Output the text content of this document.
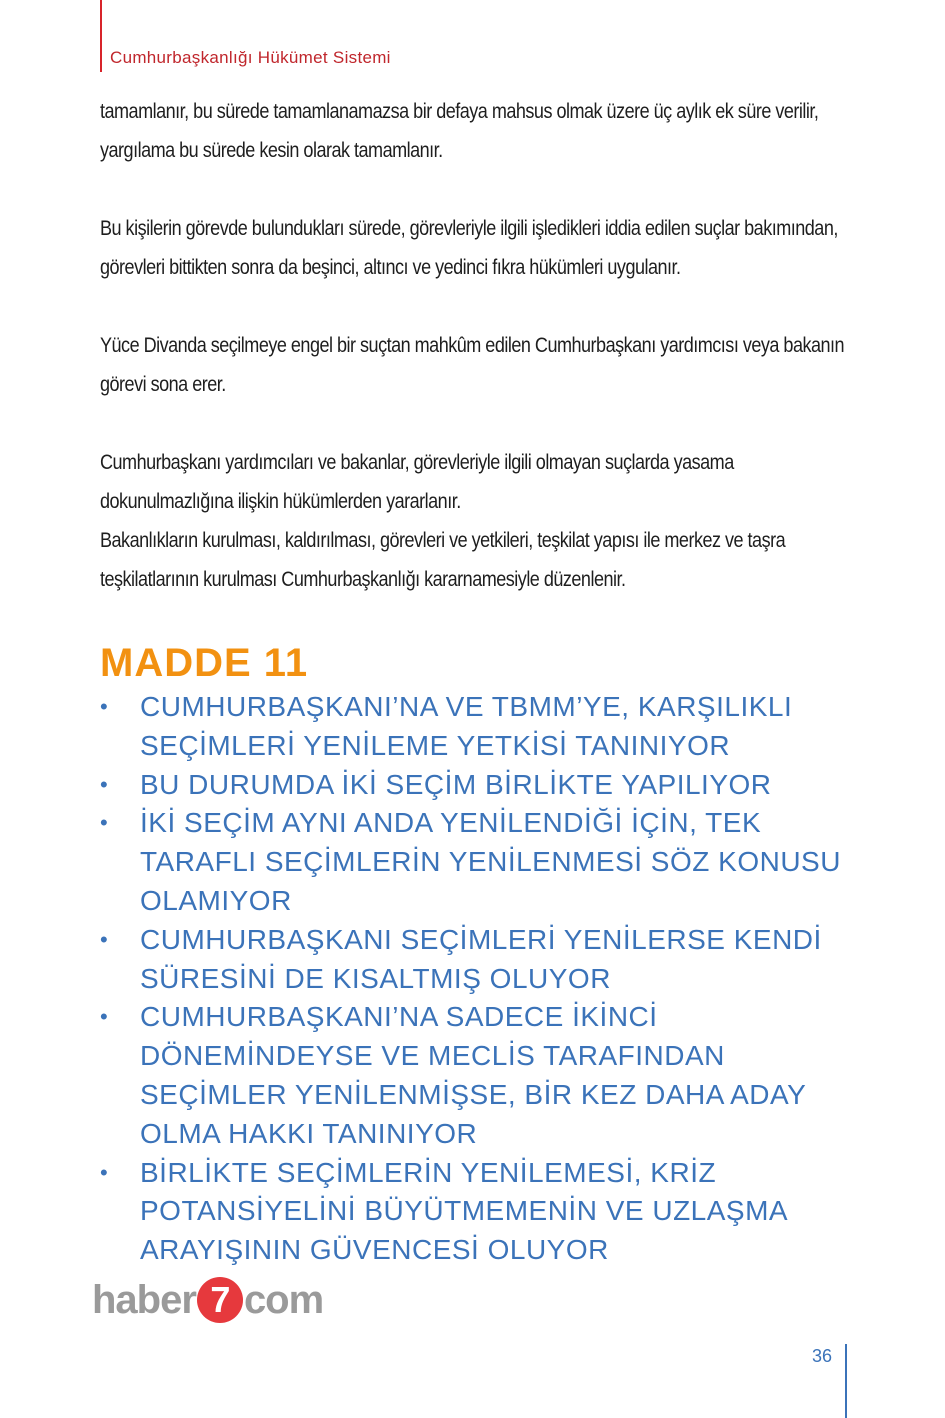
Cumhurbaşkanlığı Hükümet Sistemi

tamamlanır, bu sürede tamamlanamazsa bir defaya mahsus olmak üzere üç aylık ek süre verilir, yargılama bu sürede kesin olarak tamamlanır.

Bu kişilerin görevde bulundukları sürede, görevleriyle ilgili işledikleri iddia edilen suçlar bakımından, görevleri bittikten sonra da beşinci, altıncı ve yedinci fıkra hükümleri uygulanır.

Yüce Divanda seçilmeye engel bir suçtan mahkûm edilen Cumhurbaşkanı yardımcısı veya bakanın görevi sona erer.

Cumhurbaşkanı yardımcıları ve bakanlar, görevleriyle ilgili olmayan suçlarda yasama dokunulmazlığına ilişkin hükümlerden yararlanır.

Bakanlıkların kurulması, kaldırılması, görevleri ve yetkileri, teşkilat yapısı ile merkez ve taşra teşkilatlarının kurulması Cumhurbaşkanlığı kararnamesiyle düzenlenir.

MADDE 11
•	CUMHURBAŞKANI’NA VE TBMM’YE, KARŞILIKLI SEÇİMLERİ YENİLEME YETKİSİ TANINIYOR
•	BU DURUMDA İKİ SEÇİM BİRLİKTE YAPILIYOR
•	İKİ SEÇİM AYNI ANDA YENİLENDİĞİ İÇİN, TEK TARAFLI SEÇİMLERİN YENİLENMESİ SÖZ KONUSU OLAMIYOR
•	CUMHURBAŞKANI SEÇİMLERİ YENİLERSE KENDİ SÜRESİNİ DE KISALTMIŞ OLUYOR
•	CUMHURBAŞKANI’NA SADECE İKİNCİ DÖNEMİNDEYSE VE MECLİS TARAFINDAN SEÇİMLER YENİLENMİŞSE, BİR KEZ DAHA ADAY OLMA HAKKI TANINIYOR
•	BİRLİKTE SEÇİMLERİN YENİLEMESİ, KRİZ POTANSİYELİNİ BÜYÜTMEMENİN VE UZLAŞMA ARAYIŞININ GÜVENCESİ OLUYOR
haber 7 com
36
